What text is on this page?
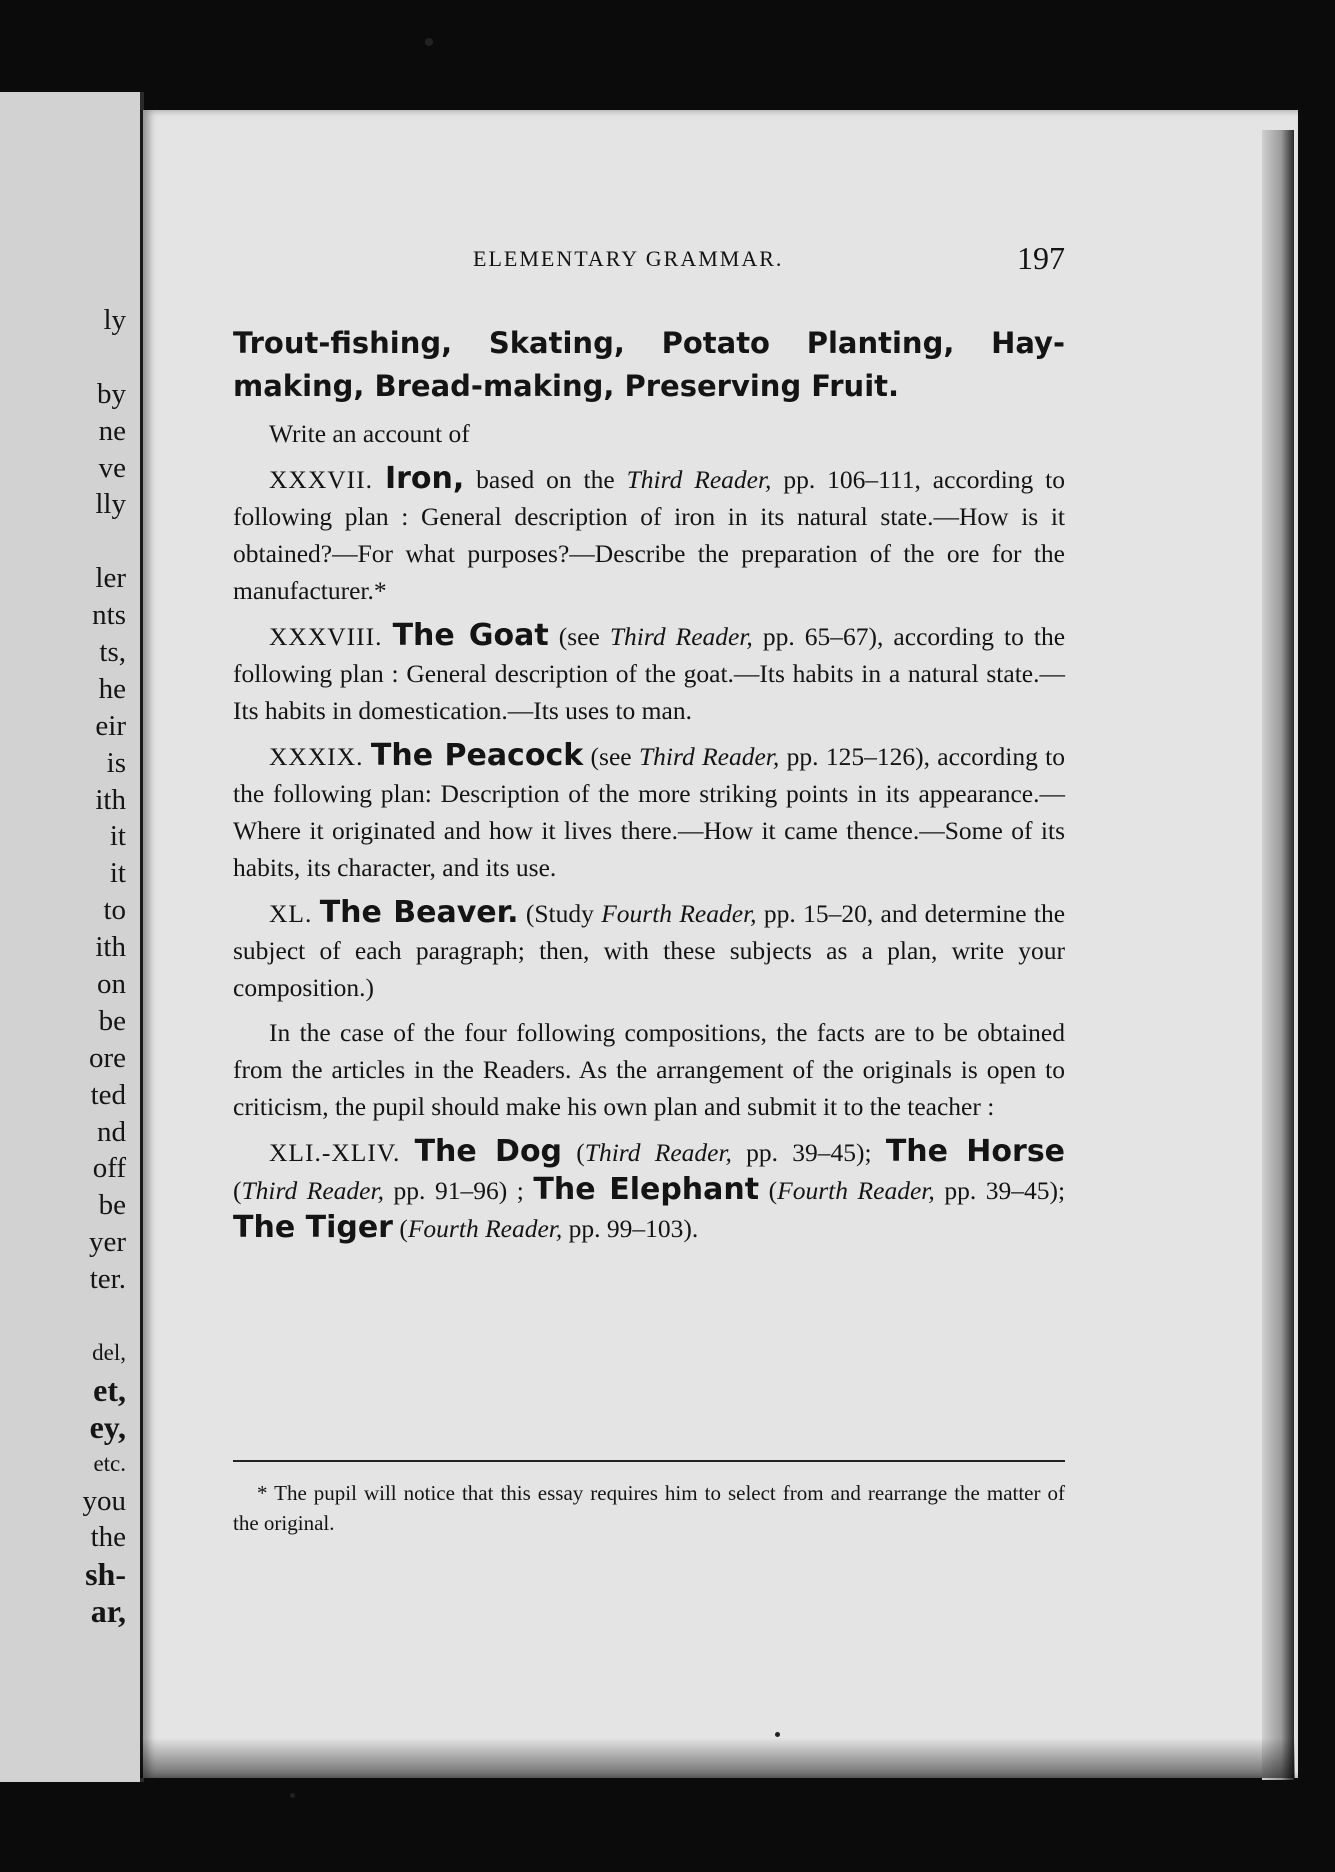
ly

by
ne
ve
lly

ler
nts
ts,
he
eir
is
ith
it
it
to
ith
on
be
ore
ted
nd
off
be
yer
ter.

del,
et,
ey,
etc.
you
the
sh-
ar,
ELEMENTARY GRAMMAR.	197
Trout-fishing, Skating, Potato Planting, Hay-making, Bread-making, Preserving Fruit.

Write an account of

XXXVII. Iron, based on the Third Reader, pp. 106–111, according to following plan : General description of iron in its natural state.—How is it obtained?—For what purposes?—Describe the preparation of the ore for the manufacturer.*

XXXVIII. The Goat (see Third Reader, pp. 65–67), according to the following plan : General description of the goat.—Its habits in a natural state.—Its habits in domestication.—Its uses to man.

XXXIX. The Peacock (see Third Reader, pp. 125–126), according to the following plan: Description of the more striking points in its appearance.—Where it originated and how it lives there.—How it came thence.—Some of its habits, its character, and its use.

XL. The Beaver. (Study Fourth Reader, pp. 15–20, and determine the subject of each paragraph; then, with these subjects as a plan, write your composition.)

In the case of the four following compositions, the facts are to be obtained from the articles in the Readers. As the arrangement of the originals is open to criticism, the pupil should make his own plan and submit it to the teacher :

XLI.-XLIV. The Dog (Third Reader, pp. 39–45); The Horse (Third Reader, pp. 91–96) ; The Elephant (Fourth Reader, pp. 39–45); The Tiger (Fourth Reader, pp. 99–103).

* The pupil will notice that this essay requires him to select from and rearrange the matter of the original.
